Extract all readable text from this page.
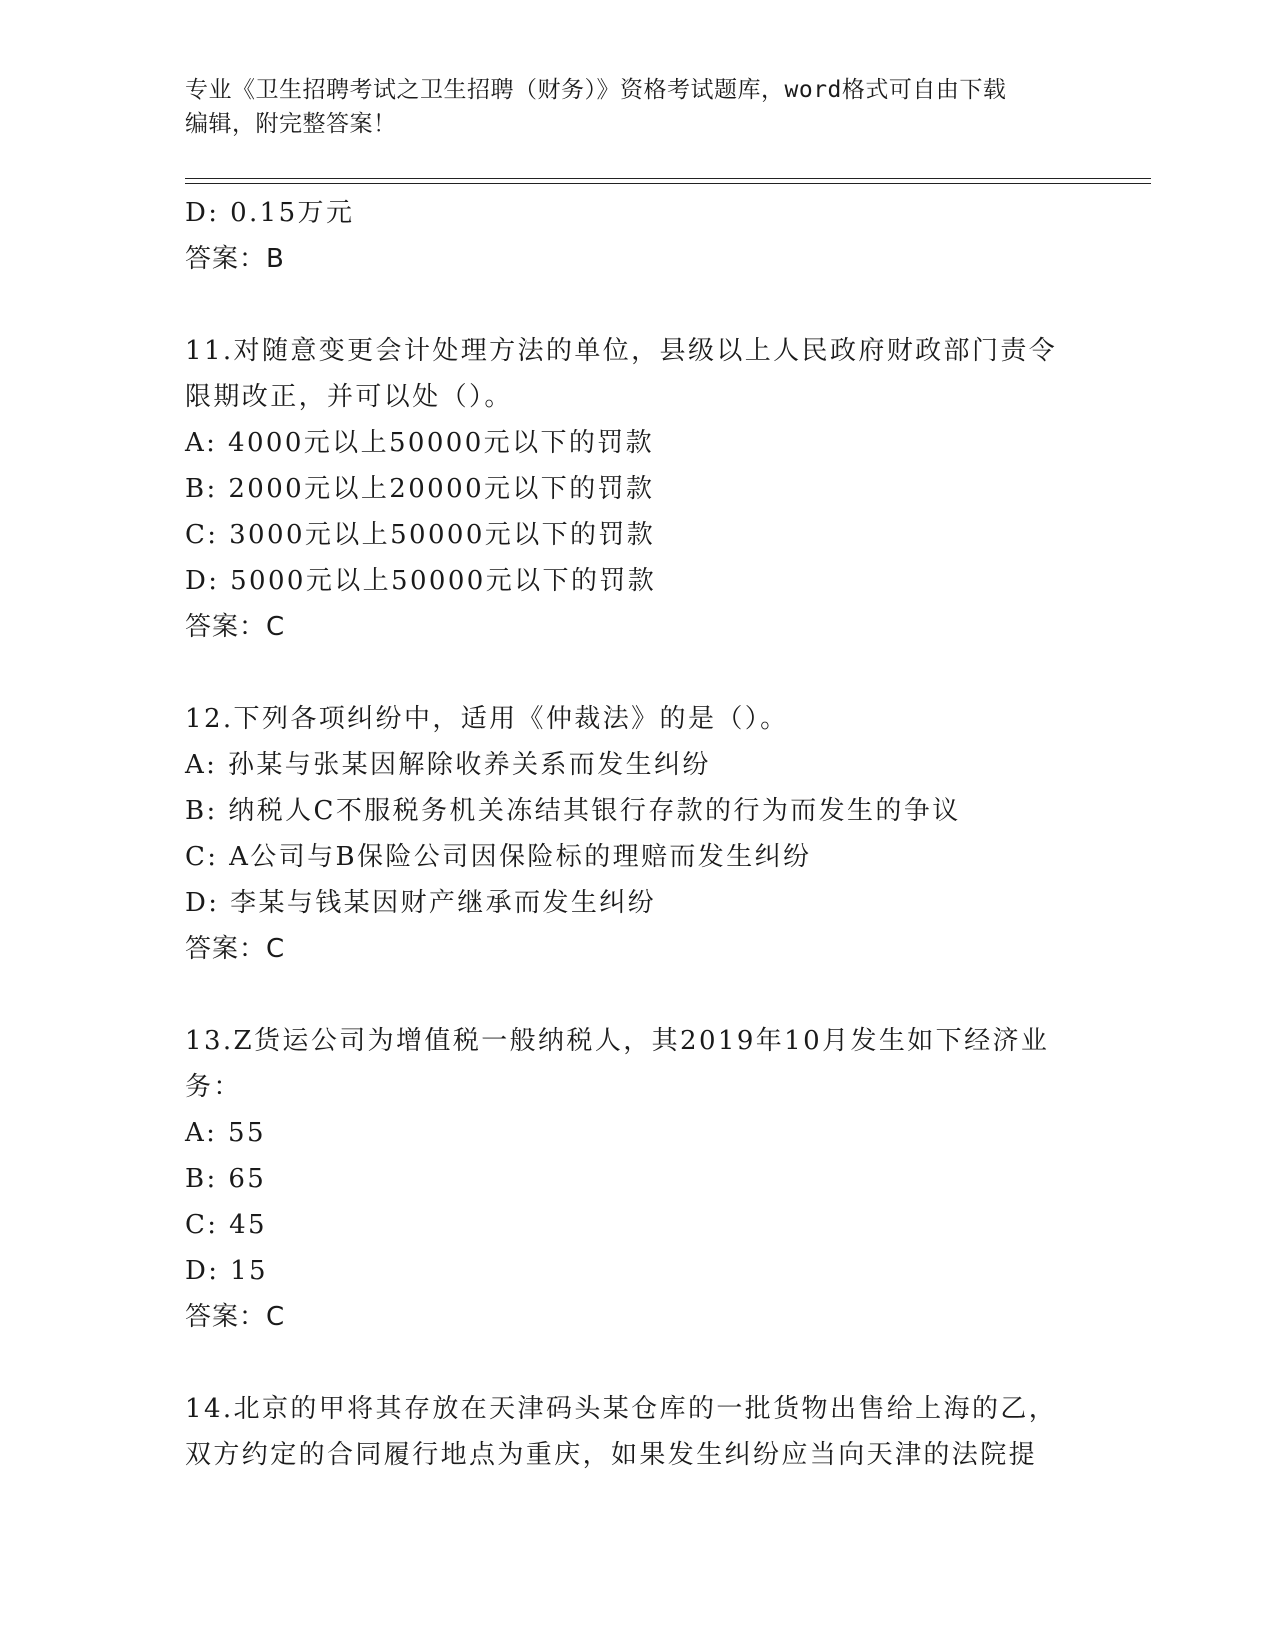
专业《卫生招聘考试之卫生招聘（财务）》资格考试题库，word格式可自由下载
编辑，附完整答案！
D: 0.15万元
答案：B
11.对随意变更会计处理方法的单位，县级以上人民政府财政部门责令
限期改正，并可以处（）。
A: 4000元以上50000元以下的罚款
B: 2000元以上20000元以下的罚款
C: 3000元以上50000元以下的罚款
D: 5000元以上50000元以下的罚款
答案：C
12.下列各项纠纷中，适用《仲裁法》的是（）。
A: 孙某与张某因解除收养关系而发生纠纷
B: 纳税人C不服税务机关冻结其银行存款的行为而发生的争议
C: A公司与B保险公司因保险标的理赔而发生纠纷
D: 李某与钱某因财产继承而发生纠纷
答案：C
13.Z货运公司为增值税一般纳税人，其2019年10月发生如下经济业
务：
A: 55
B: 65
C: 45
D: 15
答案：C
14.北京的甲将其存放在天津码头某仓库的一批货物出售给上海的乙，
双方约定的合同履行地点为重庆，如果发生纠纷应当向天津的法院提
